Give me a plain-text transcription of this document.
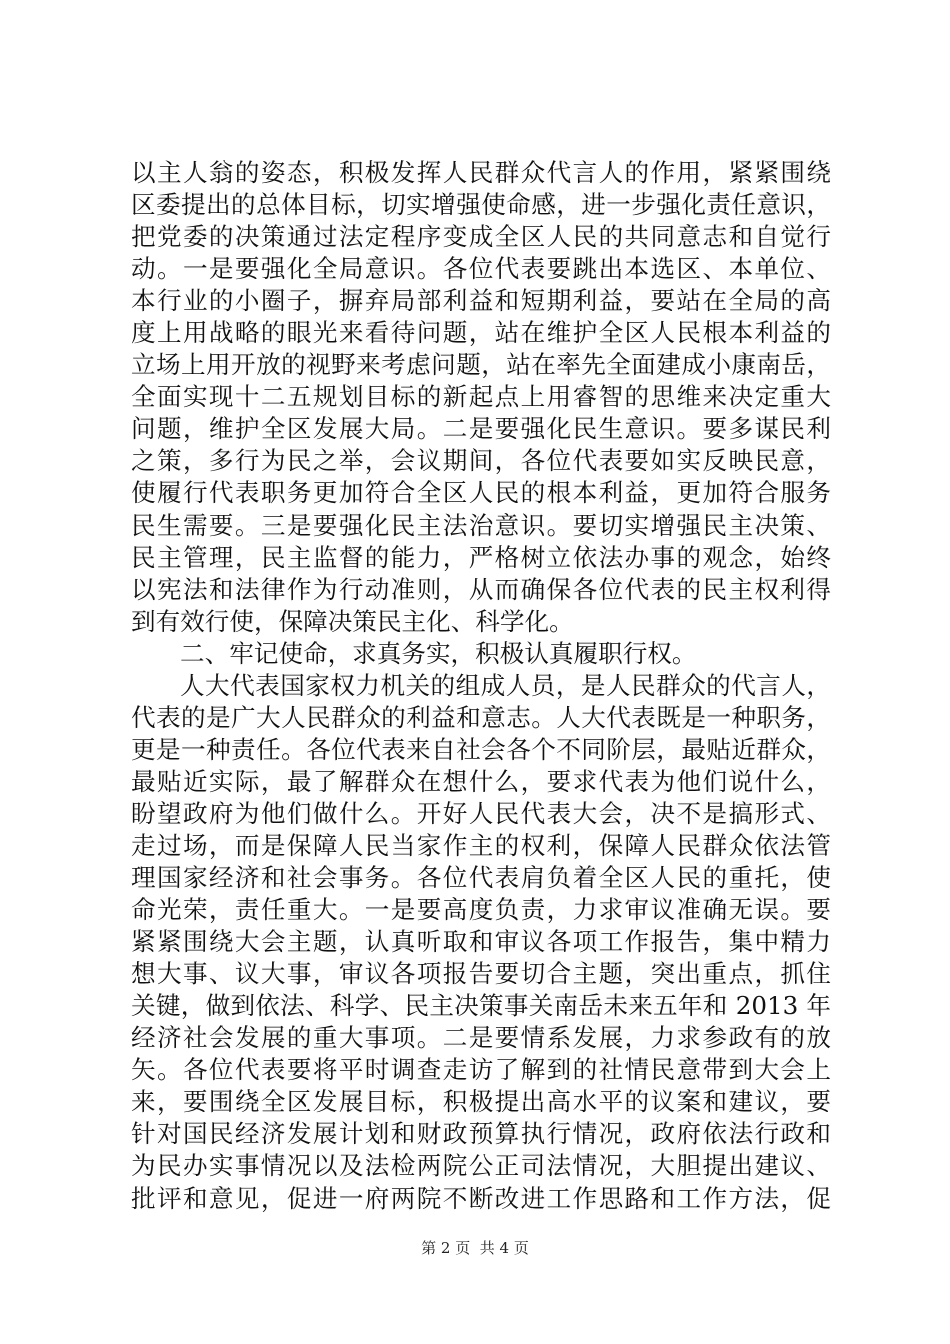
以主人翁的姿态，积极发挥人民群众代言人的作用，紧紧围绕
区委提出的总体目标，切实增强使命感，进一步强化责任意识，
把党委的决策通过法定程序变成全区人民的共同意志和自觉行
动。一是要强化全局意识。各位代表要跳出本选区、本单位、
本行业的小圈子，摒弃局部利益和短期利益，要站在全局的高
度上用战略的眼光来看待问题，站在维护全区人民根本利益的
立场上用开放的视野来考虑问题，站在率先全面建成小康南岳，
全面实现十二五规划目标的新起点上用睿智的思维来决定重大
问题，维护全区发展大局。二是要强化民生意识。要多谋民利
之策，多行为民之举，会议期间，各位代表要如实反映民意，
使履行代表职务更加符合全区人民的根本利益，更加符合服务
民生需要。三是要强化民主法治意识。要切实增强民主决策、
民主管理，民主监督的能力，严格树立依法办事的观念，始终
以宪法和法律作为行动准则，从而确保各位代表的民主权利得
到有效行使，保障决策民主化、科学化。
二、牢记使命，求真务实，积极认真履职行权。
人大代表国家权力机关的组成人员，是人民群众的代言人，
代表的是广大人民群众的利益和意志。人大代表既是一种职务，
更是一种责任。各位代表来自社会各个不同阶层，最贴近群众，
最贴近实际，最了解群众在想什么，要求代表为他们说什么，
盼望政府为他们做什么。开好人民代表大会，决不是搞形式、
走过场，而是保障人民当家作主的权利，保障人民群众依法管
理国家经济和社会事务。各位代表肩负着全区人民的重托，使
命光荣，责任重大。一是要高度负责，力求审议准确无误。要
紧紧围绕大会主题，认真听取和审议各项工作报告，集中精力
想大事、议大事，审议各项报告要切合主题，突出重点，抓住
关键，做到依法、科学、民主决策事关南岳未来五年和 2013 年
经济社会发展的重大事项。二是要情系发展，力求参政有的放
矢。各位代表要将平时调查走访了解到的社情民意带到大会上
来，要围绕全区发展目标，积极提出高水平的议案和建议，要
针对国民经济发展计划和财政预算执行情况，政府依法行政和
为民办实事情况以及法检两院公正司法情况，大胆提出建议、
批评和意见，促进一府两院不断改进工作思路和工作方法，促
第 2 页 共 4 页
